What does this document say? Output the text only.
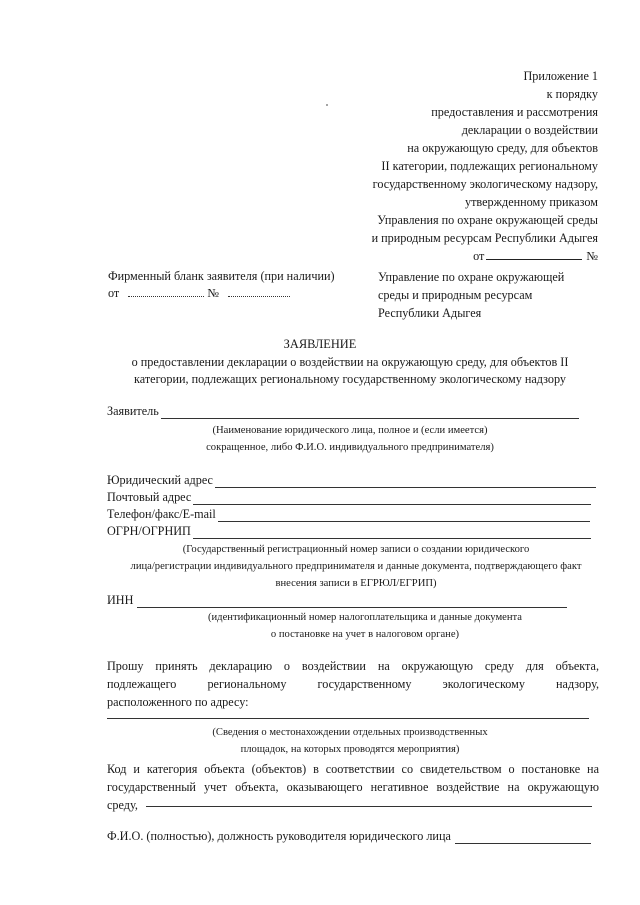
Приложение 1
к порядку
предоставления и рассмотрения
декларации о воздействии
на окружающую среду, для объектов
II категории, подлежащих региональному
государственному экологическому надзору,
утвержденному приказом
Управления по охране окружающей среды
и природным ресурсам Республики Адыгея
от	№
Фирменный бланк заявителя (при наличии)
от	№
Управление по охране окружающей
среды и природным ресурсам
Республики Адыгея
ЗАЯВЛЕНИЕ
о предоставлении декларации о воздействии на окружающую среду, для объектов II
категории, подлежащих региональному государственному экологическому надзору
Заявитель
(Наименование юридического лица, полное и (если имеется)
сокращенное, либо Ф.И.О. индивидуального предпринимателя)
Юридический адрес
Почтовый адрес
Телефон/факс/E-mail
ОГРН/ОГРНИП
(Государственный регистрационный номер записи о создании юридического
лица/регистрации индивидуального предпринимателя и данные документа, подтверждающего факт
внесения записи в ЕГРЮЛ/ЕГРИП)
ИНН
(идентификационный номер налогоплательщика и данные документа
о постановке на учет в налоговом органе)
Прошу принять декларацию о воздействии на окружающую среду для объекта,
подлежащего региональному государственному экологическому надзору,
расположенного по адресу:
(Сведения о местонахождении отдельных производственных
площадок, на которых проводятся мероприятия)
Код и категория объекта (объектов) в соответствии со свидетельством о постановке на
государственный учет объекта, оказывающего негативное воздействие на окружающую
среду,
Ф.И.О. (полностью), должность руководителя юридического лица
